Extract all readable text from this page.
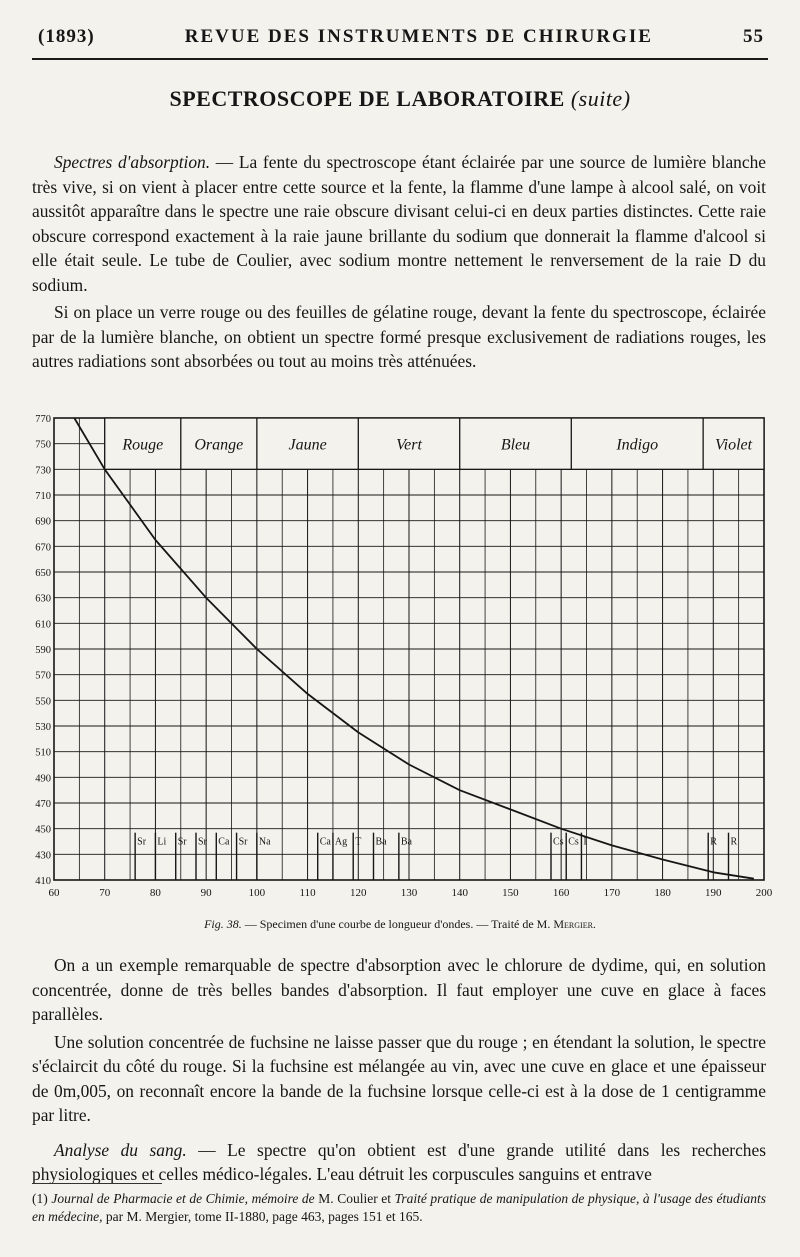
(1893)	REVUE DES INSTRUMENTS DE CHIRURGIE	55
SPECTROSCOPE DE LABORATOIRE (suite)

Spectres d'absorption. — La fente du spectroscope étant éclairée par une source de lumière blanche très vive, si on vient à placer entre cette source et la fente, la flamme d'une lampe à alcool salé, on voit aussitôt apparaître dans le spectre une raie obscure divisant celui-ci en deux parties distinctes. Cette raie obscure correspond exactement à la raie jaune brillante du sodium que donnerait la flamme d'alcool si elle était seule. Le tube de Coulier, avec sodium montre nettement le renversement de la raie D du sodium.

Si on place un verre rouge ou des feuilles de gélatine rouge, devant la fente du spectroscope, éclairée par de la lumière blanche, on obtient un spectre formé presque exclusivement de radiations rouges, les autres radiations sont absorbées ou tout au moins très atténuées.

Rouge Orange	Jaune	Vert	Bleu	Indigo	Violet
410
430
450
470
490
510
530
550
570
590
610
630
650
670
690
710
730
750
770
60	70	80	90	100	110	120	130	140	150	160	170	180	190	200
Sr Li Sr Sr Ca Sr Na	Ca Ag T Ba Ba	Cs Cs I	R R
Fig. 38. — Specimen d'une courbe de longueur d'ondes. — Traité de M. Mergier.

On a un exemple remarquable de spectre d'absorption avec le chlorure de dydime, qui, en solution concentrée, donne de très belles bandes d'absorption. Il faut employer une cuve en glace à faces parallèles.

Une solution concentrée de fuchsine ne laisse passer que du rouge ; en étendant la solution, le spectre s'éclaircit du côté du rouge. Si la fuchsine est mélangée au vin, avec une cuve en glace et une épaisseur de 0m,005, on reconnaît encore la bande de la fuchsine lorsque celle-ci est à la dose de 1 centigramme par litre.

Analyse du sang. — Le spectre qu'on obtient est d'une grande utilité dans les recherches physiologiques et celles médico-légales. L'eau détruit les corpuscules sanguins et entrave

(1) Journal de Pharmacie et de Chimie, mémoire de M. Coulier et Traité pratique de manipulation de physique, à l'usage des étudiants en médecine, par M. Mergier, tome II-1880, page 463, pages 151 et 165.
